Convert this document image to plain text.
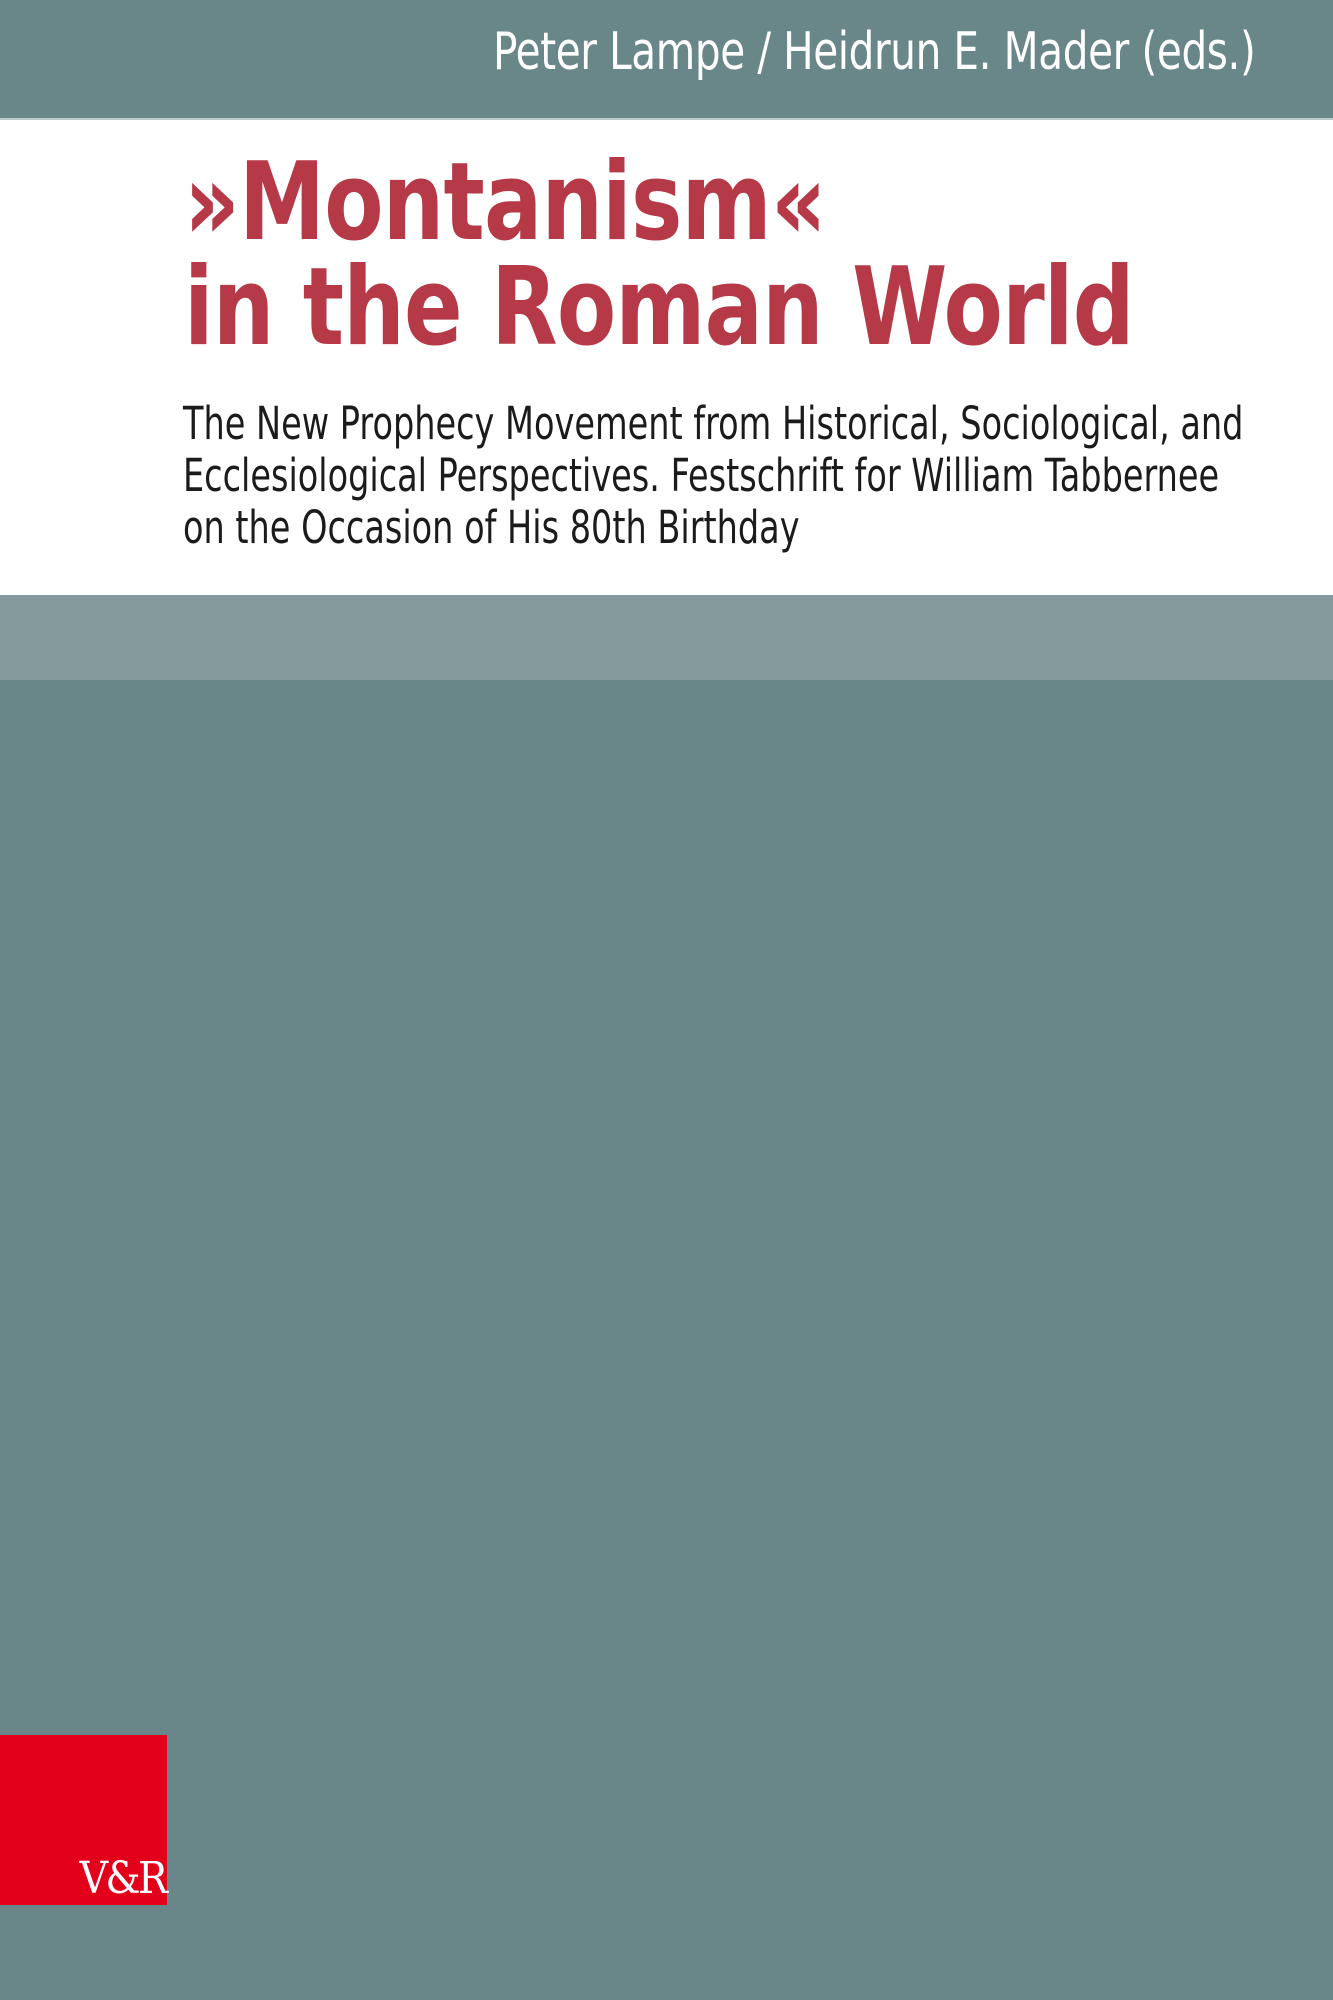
Peter Lampe / Heidrun E. Mader (eds.)
»Montanism«
in the Roman World
The New Prophecy Movement from Historical, Sociological, and
Ecclesiological Perspectives. Festschrift for William Tabbernee
on the Occasion of His 80th Birthday
V&R
